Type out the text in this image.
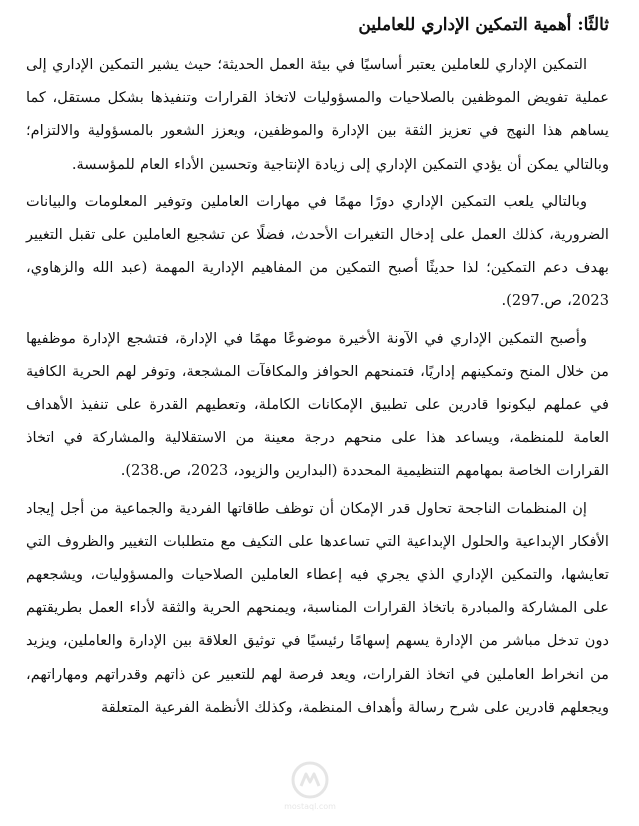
ثالثًا: أهمية التمكين الإداري للعاملين

التمكين الإداري للعاملين يعتبر أساسيًا في بيئة العمل الحديثة؛ حيث يشير التمكين الإداري إلى عملية تفويض الموظفين بالصلاحيات والمسؤوليات لاتخاذ القرارات وتنفيذها بشكل مستقل، كما يساهم هذا النهج في تعزيز الثقة بين الإدارة والموظفين، ويعزز الشعور بالمسؤولية والالتزام؛ وبالتالي يمكن أن يؤدي التمكين الإداري إلى زيادة الإنتاجية وتحسين الأداء العام للمؤسسة.

وبالتالي يلعب التمكين الإداري دورًا مهمًا في مهارات العاملين وتوفير المعلومات والبيانات الضرورية، كذلك العمل على إدخال التغيرات الأحدث، فضلًا عن تشجيع العاملين على تقبل التغيير بهدف دعم التمكين؛ لذا حديثًا أصبح التمكين من المفاهيم الإدارية المهمة (عبد الله والزهاوي، 2023، ص.297).

وأصبح التمكين الإداري في الآونة الأخيرة موضوعًا مهمًا في الإدارة، فتشجع الإدارة موظفيها من خلال المنح وتمكينهم إداريًا، فتمنحهم الحوافز والمكافآت المشجعة، وتوفر لهم الحرية الكافية في عملهم ليكونوا قادرين على تطبيق الإمكانات الكاملة، وتعطيهم القدرة على تنفيذ الأهداف العامة للمنظمة، ويساعد هذا على منحهم درجة معينة من الاستقلالية والمشاركة في اتخاذ القرارات الخاصة بمهامهم التنظيمية المحددة (البدارين والزيود، 2023، ص.238).

إن المنظمات الناجحة تحاول قدر الإمكان أن توظف طاقاتها الفردية والجماعية من أجل إيجاد الأفكار الإبداعية والحلول الإبداعية التي تساعدها على التكيف مع متطلبات التغيير والظروف التي تعايشها، والتمكين الإداري الذي يجري فيه إعطاء العاملين الصلاحيات والمسؤوليات، ويشجعهم على المشاركة والمبادرة باتخاذ القرارات المناسبة، ويمنحهم الحرية والثقة لأداء العمل بطريقتهم دون تدخل مباشر من الإدارة يسهم إسهامًا رئيسيًا في توثيق العلاقة بين الإدارة والعاملين، ويزيد من انخراط العاملين في اتخاذ القرارات، ويعد فرصة لهم للتعبير عن ذاتهم وقدراتهم ومهاراتهم، ويجعلهم قادرين على شرح رسالة وأهداف المنظمة، وكذلك الأنظمة الفرعية المتعلقة

mostaql.com
